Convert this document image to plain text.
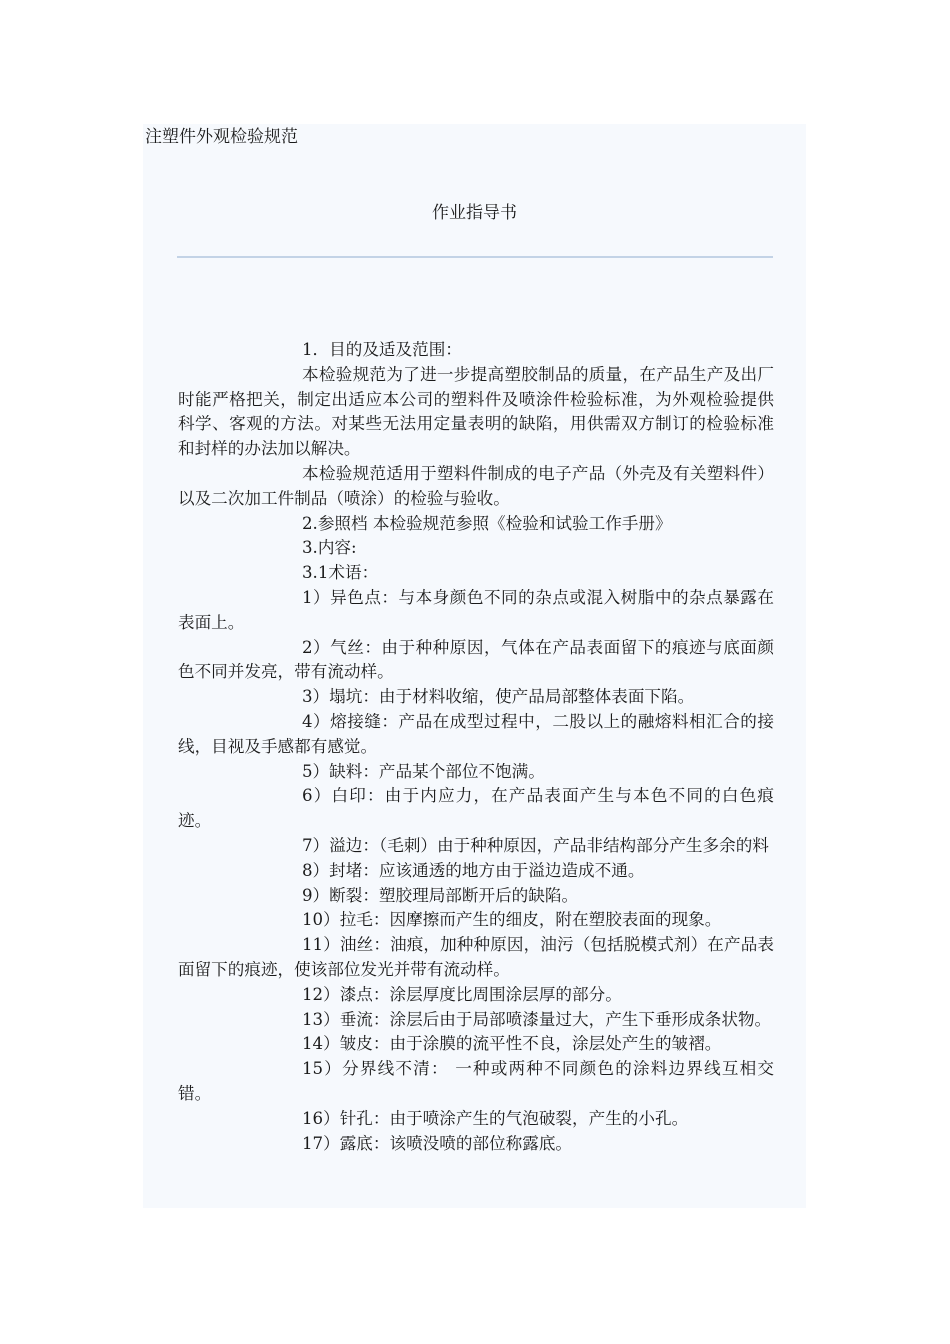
注塑件外观检验规范
作业指导书

1．目的及适及范围：

本检验规范为了进一步提高塑胶制品的质量，在产品生产及出厂时能严格把关，制定出适应本公司的塑料件及喷涂件检验标准，为外观检验提供科学、客观的方法。对某些无法用定量表明的缺陷，用供需双方制订的检验标准和封样的办法加以解决。

本检验规范适用于塑料件制成的电子产品（外壳及有关塑料件）以及二次加工件制品（喷涂）的检验与验收。

2.参照档 本检验规范参照《检验和试验工作手册》

3.内容:

3.1术语：

1）异色点：与本身颜色不同的杂点或混入树脂中的杂点暴露在表面上。

2）气丝：由于种种原因，气体在产品表面留下的痕迹与底面颜色不同并发亮，带有流动样。

3）塌坑：由于材料收缩，使产品局部整体表面下陷。

4）熔接缝：产品在成型过程中，二股以上的融熔料相汇合的接线，目视及手感都有感觉。

5）缺料：产品某个部位不饱满。

6）白印：由于内应力，在产品表面产生与本色不同的白色痕迹。

7）溢边：（毛刺）由于种种原因，产品非结构部分产生多余的料

8）封堵：应该通透的地方由于溢边造成不通。

9）断裂：塑胶理局部断开后的缺陷。

10）拉毛：因摩擦而产生的细皮，附在塑胶表面的现象。

11）油丝：油痕，加种种原因，油污（包括脱模式剂）在产品表面留下的痕迹，使该部位发光并带有流动样。

12）漆点：涂层厚度比周围涂层厚的部分。

13）垂流：涂层后由于局部喷漆量过大，产生下垂形成条状物。

14）皱皮：由于涂膜的流平性不良，涂层处产生的皱褶。

15）分界线不清： 一种或两种不同颜色的涂料边界线互相交错。

16）针孔：由于喷涂产生的气泡破裂，产生的小孔。

17）露底：该喷没喷的部位称露底。
